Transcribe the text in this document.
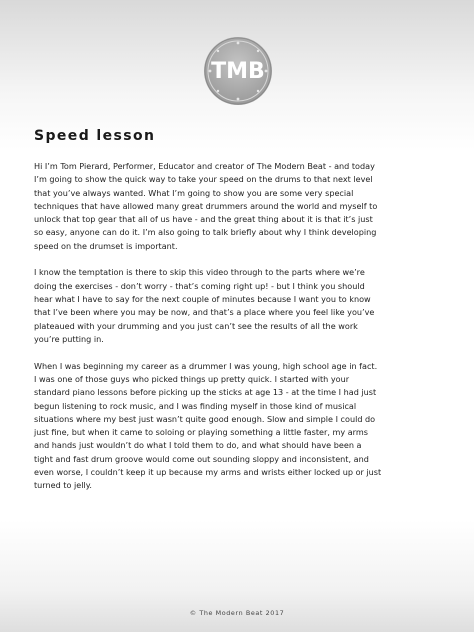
TMB
Speed lesson

Hi I’m Tom Pierard, Performer, Educator and creator of The Modern Beat - and today
I’m going to show the quick way to take your speed on the drums to that next level
that you’ve always wanted. What I’m going to show you are some very special
techniques that have allowed many great drummers around the world and myself to
unlock that top gear that all of us have - and the great thing about it is that it’s just
so easy, anyone can do it. I’m also going to talk briefly about why I think developing
speed on the drumset is important.

I know the temptation is there to skip this video through to the parts where we’re
doing the exercises - don’t worry - that’s coming right up! - but I think you should
hear what I have to say for the next couple of minutes because I want you to know
that I’ve been where you may be now, and that’s a place where you feel like you’ve
plateaued with your drumming and you just can’t see the results of all the work
you’re putting in.

When I was beginning my career as a drummer I was young, high school age in fact.
I was one of those guys who picked things up pretty quick. I started with your
standard piano lessons before picking up the sticks at age 13 - at the time I had just
begun listening to rock music, and I was finding myself in those kind of musical
situations where my best just wasn’t quite good enough. Slow and simple I could do
just fine, but when it came to soloing or playing something a little faster, my arms
and hands just wouldn’t do what I told them to do, and what should have been a
tight and fast drum groove would come out sounding sloppy and inconsistent, and
even worse, I couldn’t keep it up because my arms and wrists either locked up or just
turned to jelly.

© The Modern Beat 2017
